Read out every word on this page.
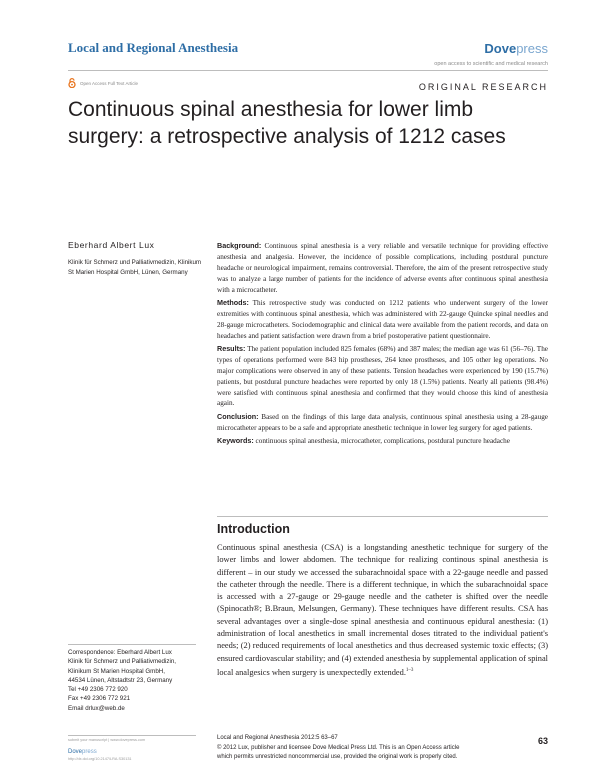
Local and Regional Anesthesia	Dovepress
open access to scientific and medical research
Open Access Full Text Article	ORIGINAL RESEARCH
Continuous spinal anesthesia for lower limb surgery: a retrospective analysis of 1212 cases
Eberhard Albert Lux
Klinik für Schmerz und Palliativmedizin, Klinikum St Marien Hospital GmbH, Lünen, Germany

Background: Continuous spinal anesthesia is a very reliable and versatile technique for providing effective anesthesia and analgesia. However, the incidence of possible complications, including postdural puncture headache or neurological impairment, remains controversial. Therefore, the aim of the present retrospective study was to analyze a large number of patients for the incidence of adverse events after continuous spinal anesthesia with a microcatheter.

Methods: This retrospective study was conducted on 1212 patients who underwent surgery of the lower extremities with continuous spinal anesthesia, which was administered with 22-gauge Quincke spinal needles and 28-gauge microcatheters. Sociodemographic and clinical data were available from the patient records, and data on headaches and patient satisfaction were drawn from a brief postoperative patient questionnaire.

Results: The patient population included 825 females (68%) and 387 males; the median age was 61 (56–76). The types of operations performed were 843 hip prostheses, 264 knee prostheses, and 105 other leg operations. No major complications were observed in any of these patients. Tension headaches were experienced by 190 (15.7%) patients, but postdural puncture headaches were reported by only 18 (1.5%) patients. Nearly all patients (98.4%) were satisfied with continuous spinal anesthesia and confirmed that they would choose this kind of anesthesia again.

Conclusion: Based on the findings of this large data analysis, continuous spinal anesthesia using a 28-gauge microcatheter appears to be a safe and appropriate anesthetic technique in lower leg surgery for aged patients.

Keywords: continuous spinal anesthesia, microcatheter, complications, postdural puncture headache

Introduction
Continuous spinal anesthesia (CSA) is a longstanding anesthetic technique for surgery of the lower limbs and lower abdomen. The technique for realizing continous spinal anesthesia is different – in our study we accessed the subarachnoidal space with a 22-gauge needle and passed the catheter through the needle. There is a different technique, in which the subarachnoidal space is accessed with a 27-gauge or 29-gauge needle and the catheter is shifted over the needle (Spinocath®; B.Braun, Melsungen, Germany). These techniques have different results. CSA has several advantages over a single-dose spinal anesthesia and continuous epidural anesthesia: (1) administration of local anesthetics in small incremental doses titrated to the individual patient's needs; (2) reduced requirements of local anesthetics and thus decreased systemic toxic effects; (3) ensured cardiovascular stability; and (4) extended anesthesia by supplemental application of spinal local analgesics when surgery is unexpectedly extended.$^{1-3}$
Correspondence: Eberhard Albert Lux
Klinik für Schmerz und Palliativmedizin,
Klinikum St Marien Hospital GmbH,
44534 Lünen, Altstadtstr 23, Germany
Tel +49 2306 772 920
Fax +49 2306 772 921
Email drlux@web.de
submit your manuscript | www.dovepress.com
Dovepress
http://dx.doi.org/10.2147/LRA.S30131
Local and Regional Anesthesia 2012:5 63–67
© 2012 Lux, publisher and licensee Dove Medical Press Ltd. This is an Open Access article
which permits unrestricted noncommercial use, provided the original work is properly cited.
63
